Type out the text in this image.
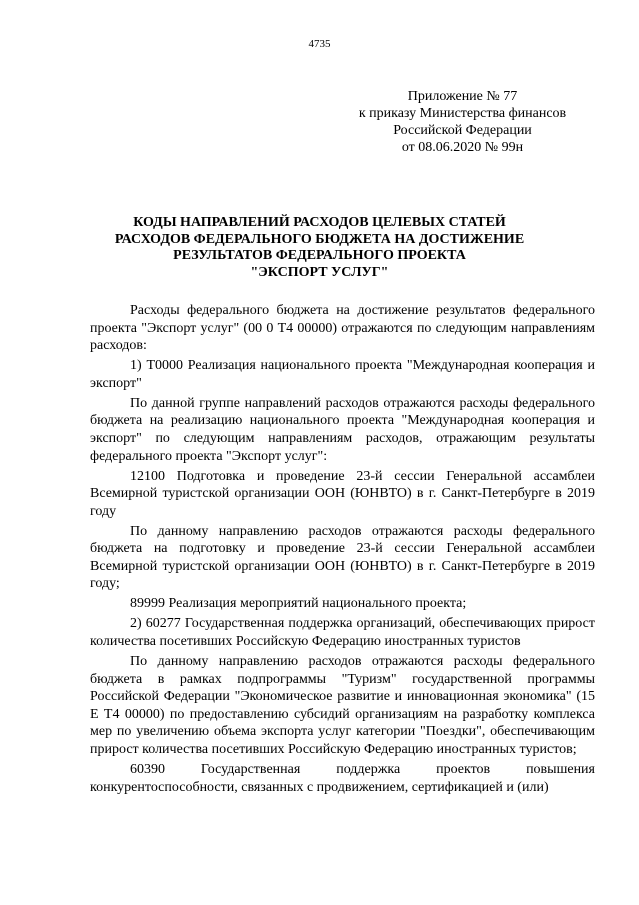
4735
Приложение № 77
к приказу Министерства финансов
Российской Федерации
от 08.06.2020 № 99н
КОДЫ НАПРАВЛЕНИЙ РАСХОДОВ ЦЕЛЕВЫХ СТАТЕЙ
РАСХОДОВ ФЕДЕРАЛЬНОГО БЮДЖЕТА НА ДОСТИЖЕНИЕ
РЕЗУЛЬТАТОВ ФЕДЕРАЛЬНОГО ПРОЕКТА
"ЭКСПОРТ УСЛУГ"

Расходы федерального бюджета на достижение результатов федерального проекта "Экспорт услуг" (00 0 Т4 00000) отражаются по следующим направлениям расходов:

1) Т0000 Реализация национального проекта "Международная кооперация и экспорт"

По данной группе направлений расходов отражаются расходы федерального бюджета на реализацию национального проекта "Международная кооперация и экспорт" по следующим направлениям расходов, отражающим результаты федерального проекта "Экспорт услуг":

12100 Подготовка и проведение 23-й сессии Генеральной ассамблеи Всемирной туристской организации ООН (ЮНВТО) в г. Санкт-Петербурге в 2019 году

По данному направлению расходов отражаются расходы федерального бюджета на подготовку и проведение 23-й сессии Генеральной ассамблеи Всемирной туристской организации ООН (ЮНВТО) в г. Санкт-Петербурге в 2019 году;

89999 Реализация мероприятий национального проекта;

2) 60277 Государственная поддержка организаций, обеспечивающих прирост количества посетивших Российскую Федерацию иностранных туристов

По данному направлению расходов отражаются расходы федерального бюджета в рамках подпрограммы "Туризм" государственной программы Российской Федерации "Экономическое развитие и инновационная экономика" (15 Е Т4 00000) по предоставлению субсидий организациям на разработку комплекса мер по увеличению объема экспорта услуг категории "Поездки", обеспечивающим прирост количества посетивших Российскую Федерацию иностранных туристов;

60390 Государственная поддержка проектов повышения конкурентоспособности, связанных с продвижением, сертификацией и (или)
